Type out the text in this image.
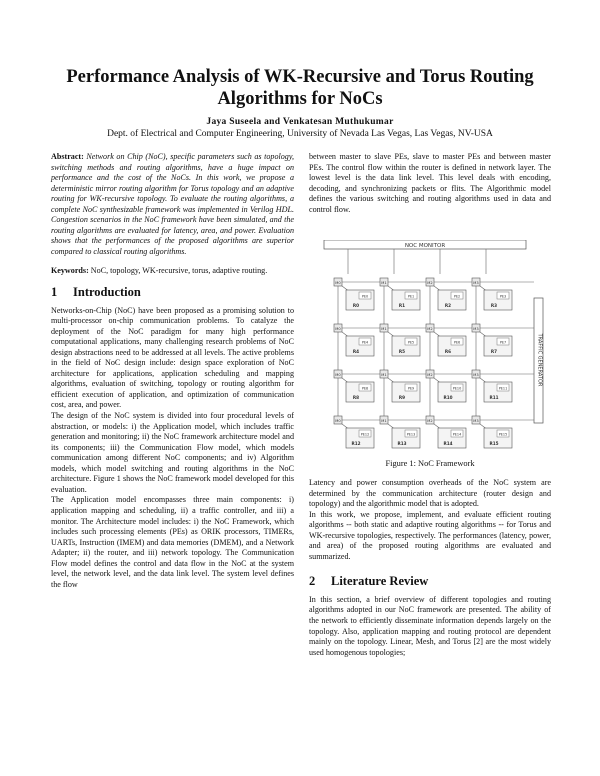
Performance Analysis of WK-Recursive and Torus Routing Algorithms for NoCs

Jaya Suseela and Venkatesan Muthukumar

Dept. of Electrical and Computer Engineering, University of Nevada Las Vegas, Las Vegas, NV-USA

Abstract: Network on Chip (NoC), specific parameters such as topology, switching methods and routing algorithms, have a huge impact on performance and the cost of the NoCs. In this work, we propose a deterministic mirror routing algorithm for Torus topology and an adaptive routing for WK-recursive topology. To evaluate the routing algorithms, a complete NoC synthesizable framework was implemented in Verilog HDL. Congestion scenarios in the NoC framework have been simulated, and the routing algorithms are evaluated for latency, area, and power. Evaluation shows that the performances of the proposed algorithms are superior compared to classical routing algorithms.

Keywords: NoC, topology, WK-recursive, torus, adaptive routing.

1 Introduction

Networks-on-Chip (NoC) have been proposed as a promising solution to multi-processor on-chip communication problems. To catalyze the deployment of the NoC paradigm for many high performance computational applications, many challenging research problems of NoC design abstractions need to be addressed at all levels. The active problems in the field of NoC design include: design space exploration of NoC architecture for applications, application scheduling and mapping algorithms, evaluation of switching, topology or routing algorithm for efficient execution of application, and optimization of communication cost, area, and power.

The design of the NoC system is divided into four procedural levels of abstraction, or models: i) the Application model, which includes traffic generation and monitoring; ii) the NoC framework architecture model and its components; iii) the Communication Flow model, which models communication among different NoC components; and iv) Algorithm models, which model switching and routing algorithms in the NoC architecture. Figure 1 shows the NoC framework model developed for this evaluation.

The Application model encompasses three main components: i) application mapping and scheduling, ii) a traffic controller, and iii) a monitor. The Architecture model includes: i) the NoC Framework, which includes such processing elements (PEs) as ORIK processors, TIMERs, UARTs, Instruction (IMEM) and data memories (DMEM), and a Network Adapter; ii) the router, and iii) network topology. The Communication Flow model defines the control and data flow in the NoC at the system level, the network level, and the data link level. The system level defines the flow

between master to slave PEs, slave to master PEs and between master PEs. The control flow within the router is defined in network layer. The lowest level is the data link level. This level deals with encoding, decoding, and synchronizing packets or flits. The Algorithmic model defines the various switching and routing algorithms used in data and control flow.

NOC MONITOR
TRAFFIC GENERATOR
M0
PE0
R0
M1
PE1
R1
M2
PE2
R2
M3
PE3
R3
M0
PE4
R4
M1
PE5
R5
M2
PE6
R6
M3
PE7
R7
M0
PE8
R8
M1
PE9
R9
M2
PE10
R10
M3
PE11
R11
M0
PE12
R12
M1
PE13
R13
M2
PE14
R14
M3
PE15
R15
Figure 1: NoC Framework

Latency and power consumption overheads of the NoC system are determined by the communication architecture (router design and topology) and the algorithmic model that is adopted.

In this work, we propose, implement, and evaluate efficient routing algorithms -- both static and adaptive routing algorithms -- for Torus and WK-recursive topologies, respectively. The performances (latency, power, and area) of the proposed routing algorithms are evaluated and summarized.

2 Literature Review

In this section, a brief overview of different topologies and routing algorithms adopted in our NoC framework are presented. The ability of the network to efficiently disseminate information depends largely on the topology. Also, application mapping and routing protocol are dependent mainly on the topology. Linear, Mesh, and Torus [2] are the most widely used homogenous topologies;
